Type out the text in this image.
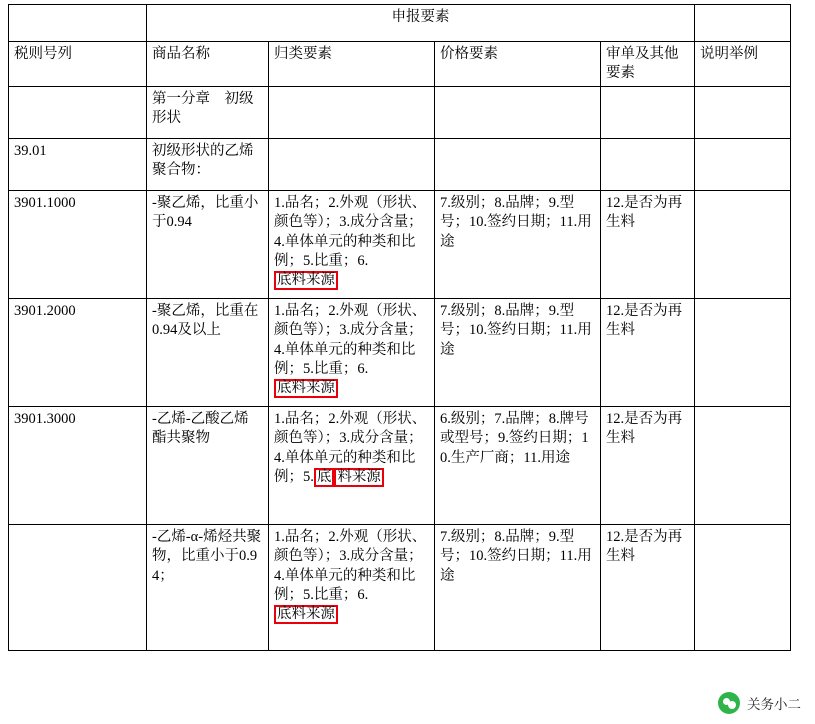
	申报要素				
税则号列	商品名称	归类要素	价格要素	审单及其他要素	说明举例
	第一分章　初级形状				
39.01	初级形状的乙烯聚合物：				
3901.1000	-聚乙烯，比重小于0.94	1.品名；2.外观（形状、颜色等）；3.成分含量；4.单体单元的种类和比例；5.比重；6.底料来源	7.级别；8.品牌；9.型号；10.签约日期；11.用途	12.是否为再生料	
3901.2000	-聚乙烯，比重在0.94及以上	1.品名；2.外观（形状、颜色等）；3.成分含量；4.单体单元的种类和比例；5.比重；6.底料来源	7.级别；8.品牌；9.型号；10.签约日期；11.用途	12.是否为再生料	
3901.3000	-乙烯-乙酸乙烯酯共聚物	1.品名；2.外观（形状、颜色等）；3.成分含量；4.单体单元的种类和比例；5. 底 料来源	6.级别；7.品牌；8.牌号或型号；9.签约日期；10.生产厂商；11.用途	12.是否为再生料	
	-乙烯-α-烯烃共聚物，比重小于0.94；	1.品名；2.外观（形状、颜色等）；3.成分含量；4.单体单元的种类和比例；5.比重；6.底料来源	7.级别；8.品牌；9.型号；10.签约日期；11.用途	12.是否为再生料	
关务小二
